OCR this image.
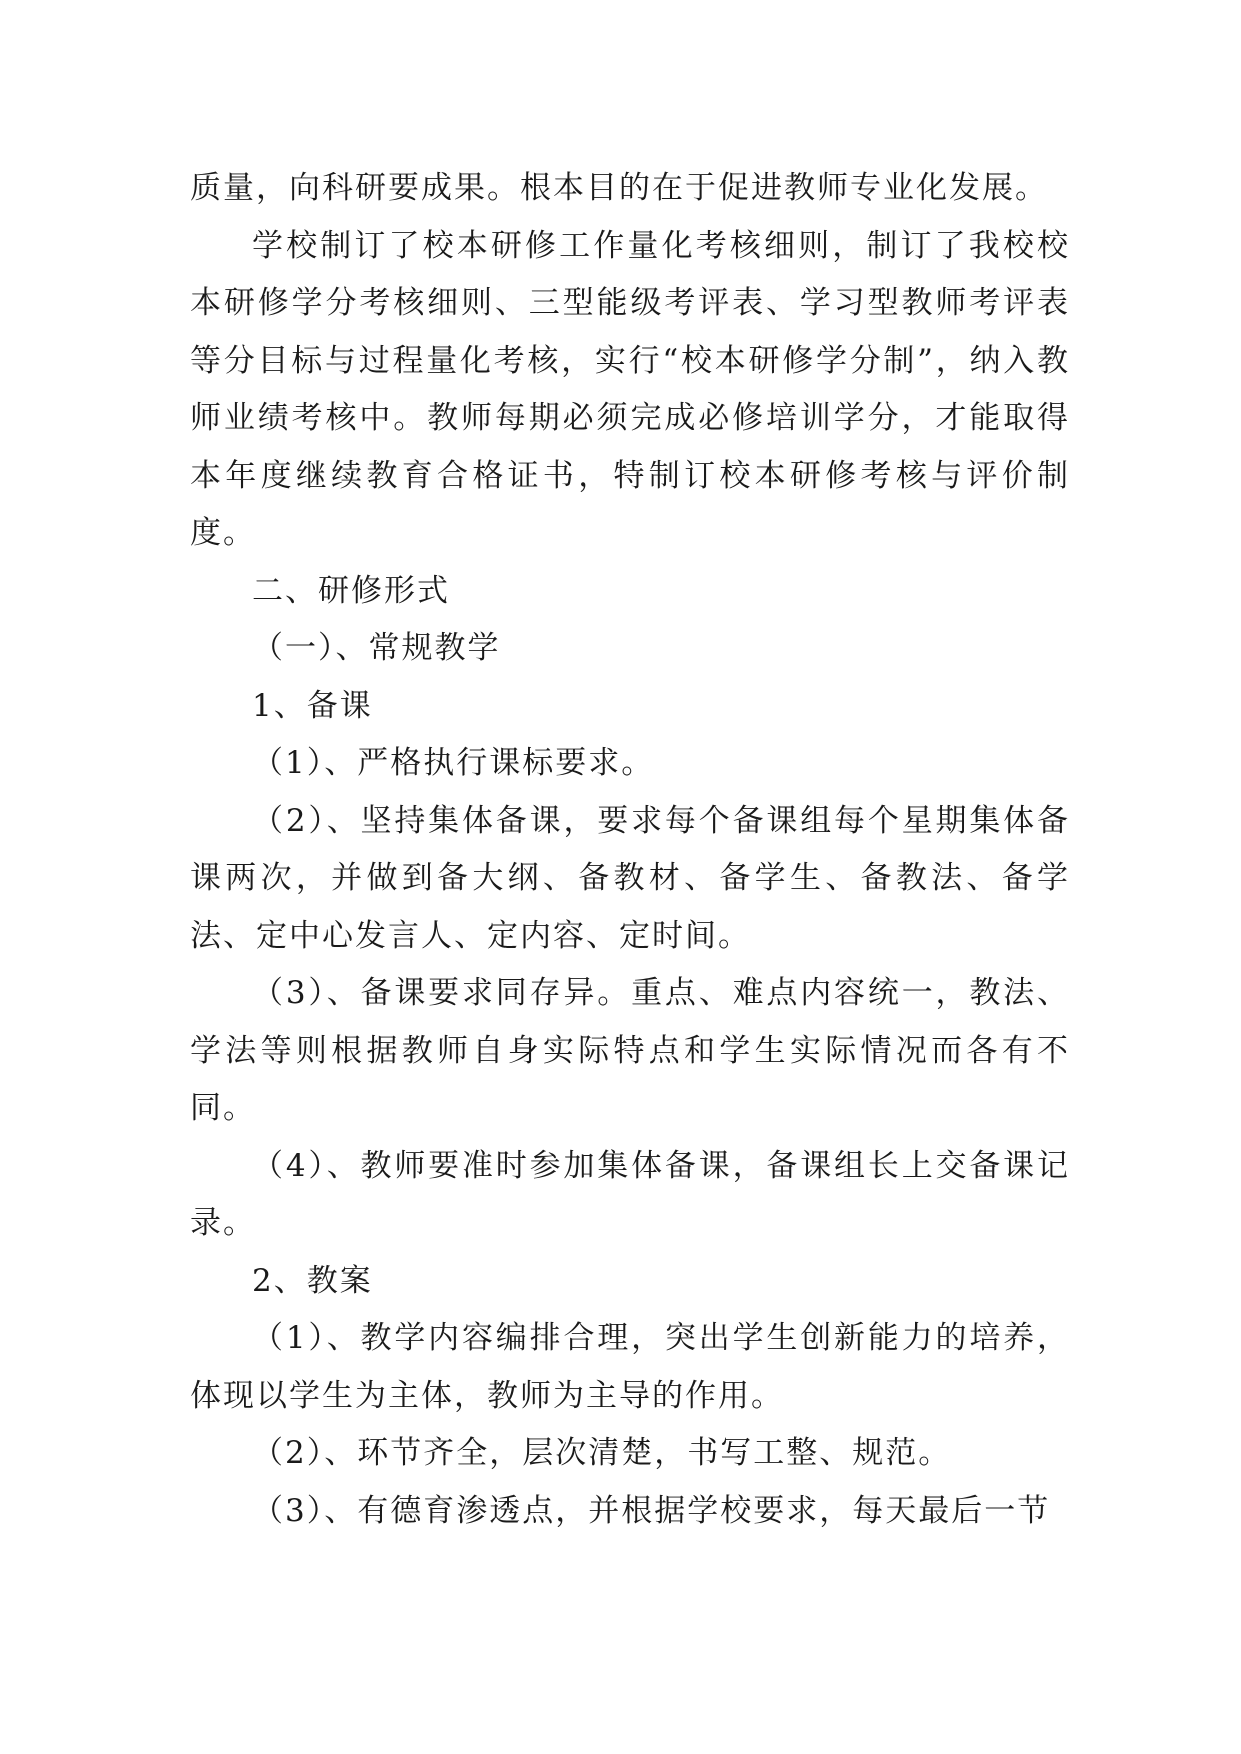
质量，向科研要成果。根本目的在于促进教师专业化发展。

学校制订了校本研修工作量化考核细则，制订了我校校本研修学分考核细则、三型能级考评表、学习型教师考评表等分目标与过程量化考核，实行“校本研修学分制”，纳入教师业绩考核中。教师每期必须完成必修培训学分，才能取得本年度继续教育合格证书，特制订校本研修考核与评价制度。

二、研修形式

（一）、常规教学

1、备课

（1）、严格执行课标要求。

（2）、坚持集体备课，要求每个备课组每个星期集体备课两次，并做到备大纲、备教材、备学生、备教法、备学法、定中心发言人、定内容、定时间。

（3）、备课要求同存异。重点、难点内容统一，教法、学法等则根据教师自身实际特点和学生实际情况而各有不同。

（4）、教师要准时参加集体备课，备课组长上交备课记录。

2、教案

（1）、教学内容编排合理，突出学生创新能力的培养，体现以学生为主体，教师为主导的作用。

（2）、环节齐全，层次清楚，书写工整、规范。

（3）、有德育渗透点，并根据学校要求，每天最后一节
